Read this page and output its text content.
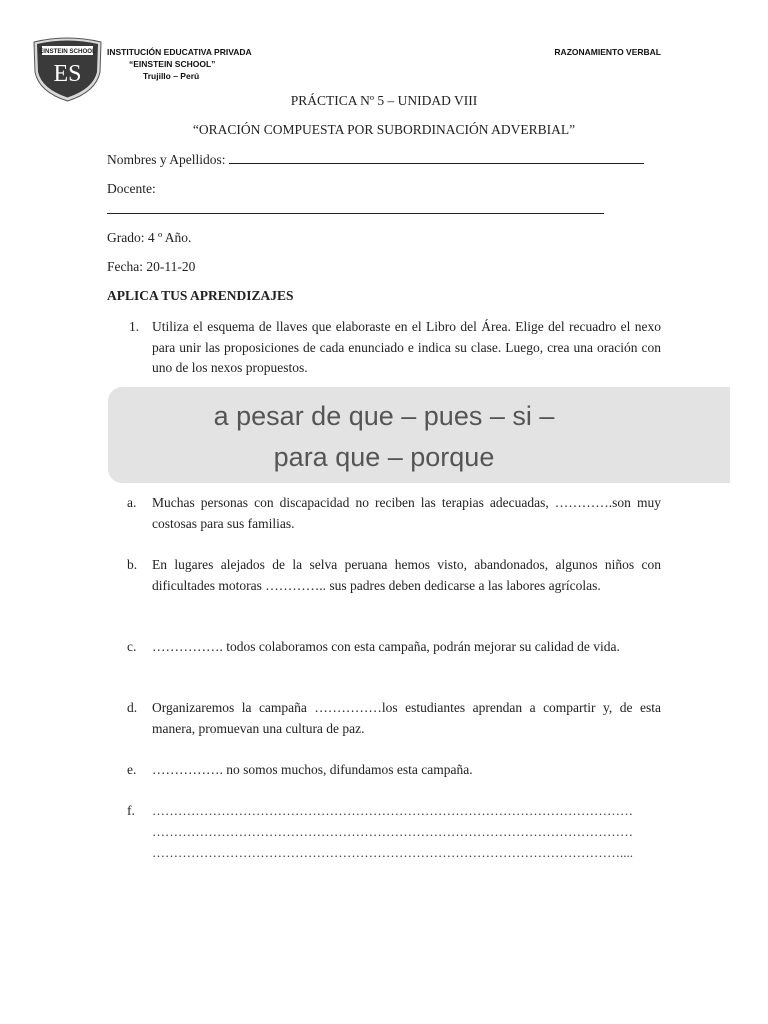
EINSTEIN SCHOOL
ES
INSTITUCIÓN EDUCATIVA PRIVADA
“EINSTEIN SCHOOL”
Trujillo – Perú
RAZONAMIENTO VERBAL
PRÁCTICA Nº 5 – UNIDAD VIII
“ORACIÓN COMPUESTA POR SUBORDINACIÓN ADVERBIAL”
Nombres y Apellidos:
Docente:
Grado: 4 º Año.
Fecha: 20-11-20
APLICA TUS APRENDIZAJES
1. Utiliza el esquema de llaves que elaboraste en el Libro del Área. Elige del recuadro el nexo para unir las proposiciones de cada enunciado e indica su clase. Luego, crea una oración con uno de los nexos propuestos.
a pesar de que – pues – si –
para que – porque
a. Muchas personas con discapacidad no reciben las terapias adecuadas, ………….son muy costosas para sus familias.
b. En lugares alejados de la selva peruana hemos visto, abandonados, algunos niños con dificultades motoras ………….. sus padres deben dedicarse a las labores agrícolas.
c. ……………. todos colaboramos con esta campaña, podrán mejorar su calidad de vida.
d. Organizaremos la campaña ……………los estudiantes aprendan a compartir y, de esta manera, promuevan una cultura de paz.
e. ……………. no somos muchos, difundamos esta campaña.
f. …………………………………………………………………………………………………
…………………………………………………………………………………………………
………………………………………………………………………………………………....
